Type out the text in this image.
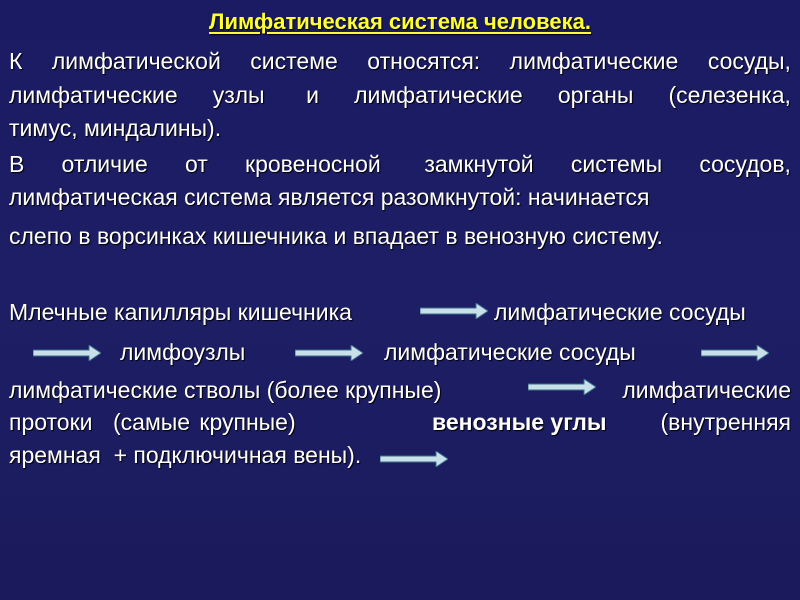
Лимфатическая система человека.
К лимфатической системе относятся: лимфатические сосуды,
лимфатические узлы и лимфатические органы (селезенка,
тимус, миндалины).
В отличие от кровеносной замкнутой системы сосудов,
лимфатическая система является разомкнутой: начинается
слепо в ворсинках кишечника и впадает в венозную систему.
Млечные капилляры кишечника	лимфатические сосуды
лимфоузлы	лимфатические сосуды
лимфатические стволы (более крупные)	лимфатические

протоки

(самые

крупные)

	венозные углы

(внутренняя

яремная  + подключичная вены).
